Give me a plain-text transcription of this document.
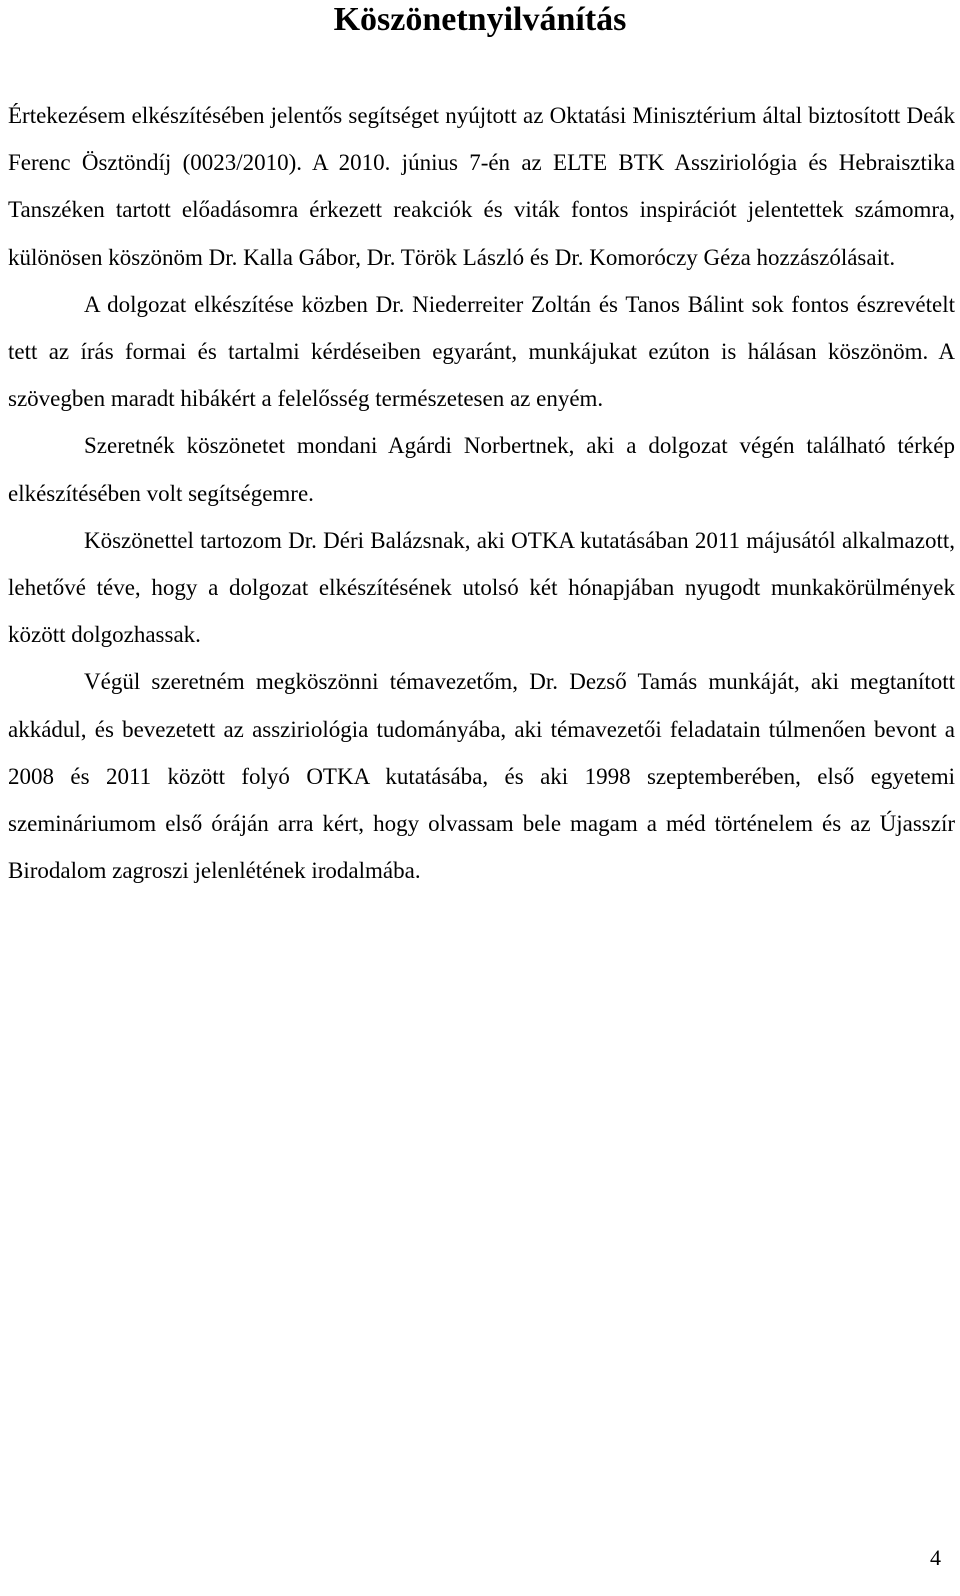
Köszönetnyilvánítás

Értekezésem elkészítésében jelentős segítséget nyújtott az Oktatási Minisztérium által biztosított Deák Ferenc Ösztöndíj (0023/2010). A 2010. június 7-én az ELTE BTK Assziriológia és Hebraisztika Tanszéken tartott előadásomra érkezett reakciók és viták fontos inspirációt jelentettek számomra, különösen köszönöm Dr. Kalla Gábor, Dr. Török László és Dr. Komoróczy Géza hozzászólásait.

A dolgozat elkészítése közben Dr. Niederreiter Zoltán és Tanos Bálint sok fontos észrevételt tett az írás formai és tartalmi kérdéseiben egyaránt, munkájukat ezúton is hálásan köszönöm. A szövegben maradt hibákért a felelősség természetesen az enyém.

Szeretnék köszönetet mondani Agárdi Norbertnek, aki a dolgozat végén található térkép elkészítésében volt segítségemre.

Köszönettel tartozom Dr. Déri Balázsnak, aki OTKA kutatásában 2011 májusától alkalmazott, lehetővé téve, hogy a dolgozat elkészítésének utolsó két hónapjában nyugodt munkakörülmények között dolgozhassak.

Végül szeretném megköszönni témavezetőm, Dr. Dezső Tamás munkáját, aki megtanított akkádul, és bevezetett az assziriológia tudományába, aki témavezetői feladatain túlmenően bevont a 2008 és 2011 között folyó OTKA kutatásába, és aki 1998 szeptemberében, első egyetemi szemináriumom első óráján arra kért, hogy olvassam bele magam a méd történelem és az Újasszír Birodalom zagroszi jelenlétének irodalmába.

4
